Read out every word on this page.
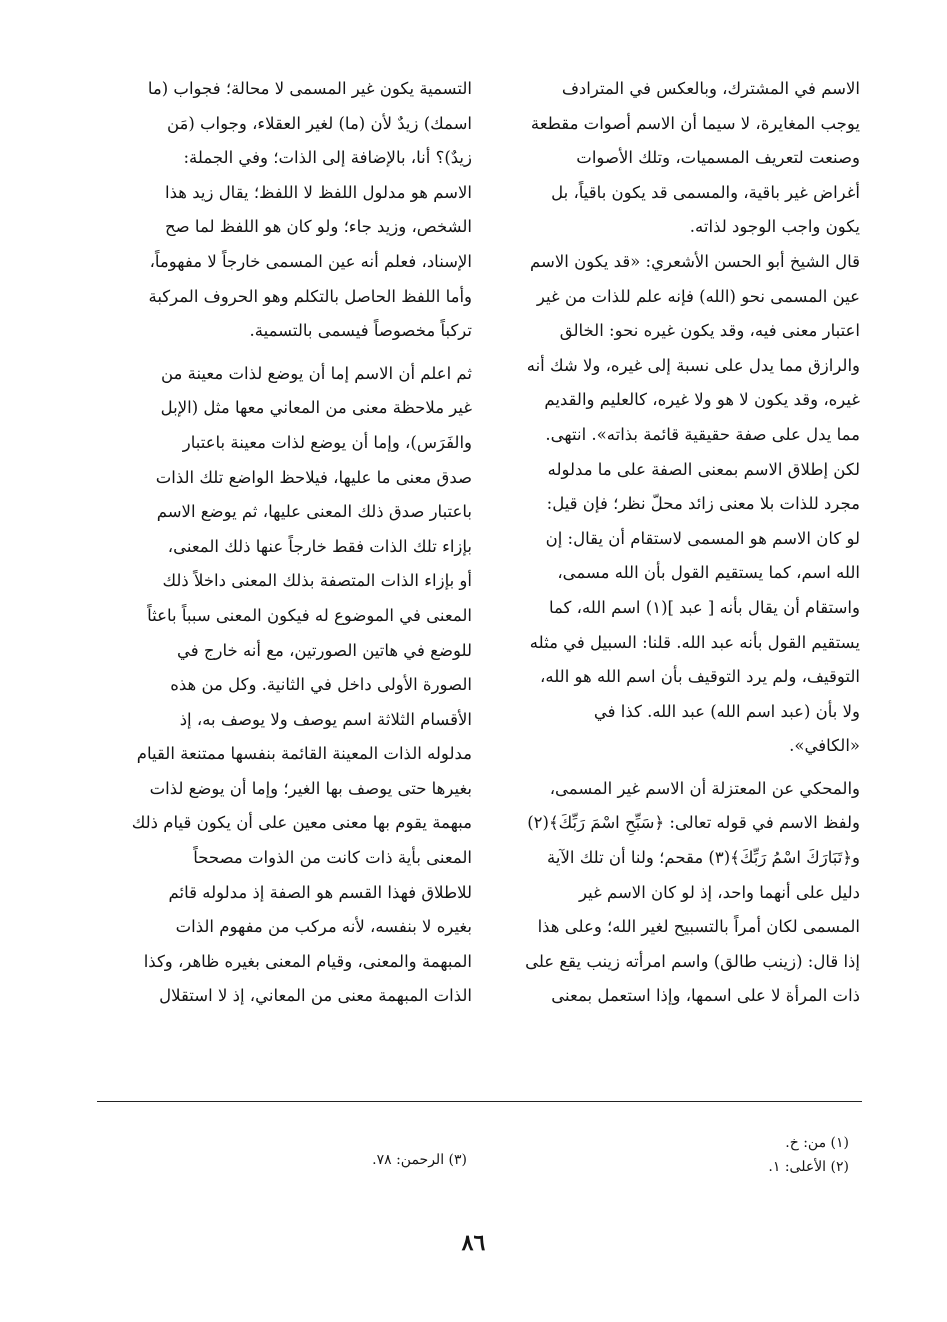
الاسم في المشترك، وبالعكس في المترادف
يوجب المغايرة، لا سيما أن الاسم أصوات مقطعة
وصنعت لتعريف المسميات، وتلك الأصوات
أغراض غير باقية، والمسمى قد يكون باقياً، بل
يكون واجب الوجود لذاته.
قال الشيخ أبو الحسن الأشعري: «قد يكون الاسم
عين المسمى نحو (الله) فإنه علم للذات من غير
اعتبار معنى فيه، وقد يكون غيره نحو: الخالق
والرازق مما يدل على نسبة إلى غيره، ولا شك أنه
غيره، وقد يكون لا هو ولا غيره، كالعليم والقديم
مما يدل على صفة حقيقية قائمة بذاته». انتهى.
لكن إطلاق الاسم بمعنى الصفة على ما مدلوله
مجرد للذات بلا معنى زائد محلّ نظر؛ فإن قيل:
لو كان الاسم هو المسمى لاستقام أن يقال: إن
الله اسم، كما يستقيم القول بأن الله مسمى،
واستقام أن يقال بأنه [ عبد ](١) اسم الله، كما
يستقيم القول بأنه عبد الله. قلنا: السبيل في مثله
التوقيف، ولم يرد التوقيف بأن اسم الله هو الله،
ولا بأن (عبد اسم الله) عبد الله. كذا في
«الكافي».
والمحكي عن المعتزلة أن الاسم غير المسمى،
ولفظ الاسم في قوله تعالى: ﴿سَبِّحِ اسْمَ رَبِّكَ﴾(٢)
و﴿تَبَارَكَ اسْمُ رَبِّكَ﴾(٣) مقحم؛ ولنا أن تلك الآية
دليل على أنهما واحد، إذ لو كان الاسم غير
المسمى لكان أمراً بالتسبيح لغير الله؛ وعلى هذا
إذا قال: (زينب طالق) واسم امرأته زينب يقع على
ذات المرأة لا على اسمها، وإذا استعمل بمعنى
التسمية يكون غير المسمى لا محالة؛ فجواب (ما
اسمك) زيدٌ لأن (ما) لغير العقلاء، وجواب (مَن
زيدٌ)؟ أنا، بالإضافة إلى الذات؛ وفي الجملة:
الاسم هو مدلول اللفظ لا اللفظ؛ يقال زيد هذا
الشخص، وزيد جاء؛ ولو كان هو اللفظ لما صح
الإسناد، فعلم أنه عين المسمى خارجاً لا مفهوماً،
وأما اللفظ الحاصل بالتكلم وهو الحروف المركبة
تركباً مخصوصاً فيسمى بالتسمية.
ثم اعلم أن الاسم إما أن يوضع لذات معينة من
غير ملاحظة معنى من المعاني معها مثل (الإبل
والفَرَس)، وإما أن يوضع لذات معينة باعتبار
صدق معنى ما عليها، فيلاحظ الواضع تلك الذات
باعتبار صدق ذلك المعنى عليها، ثم يوضع الاسم
بإزاء تلك الذات فقط خارجاً عنها ذلك المعنى،
أو بإزاء الذات المتصفة بذلك المعنى داخلاً ذلك
المعنى في الموضوع له فيكون المعنى سبباً باعثاً
للوضع في هاتين الصورتين، مع أنه خارج في
الصورة الأولى داخل في الثانية. وكل من هذه
الأقسام الثلاثة اسم يوصف ولا يوصف به، إذ
مدلوله الذات المعينة القائمة بنفسها ممتنعة القيام
بغيرها حتى يوصف بها الغير؛ وإما أن يوضع لذات
مبهمة يقوم بها معنى معين على أن يكون قيام ذلك
المعنى بأية ذات كانت من الذوات مصححاً
للاطلاق فهذا القسم هو الصفة إذ مدلوله قائم
بغيره لا بنفسه، لأنه مركب من مفهوم الذات
المبهمة والمعنى، وقيام المعنى بغيره ظاهر، وكذا
الذات المبهمة معنى من المعاني، إذ لا استقلال
(١) من: خ.
(٢) الأعلى: ١.
(٣) الرحمن: ٧٨.
٨٦
